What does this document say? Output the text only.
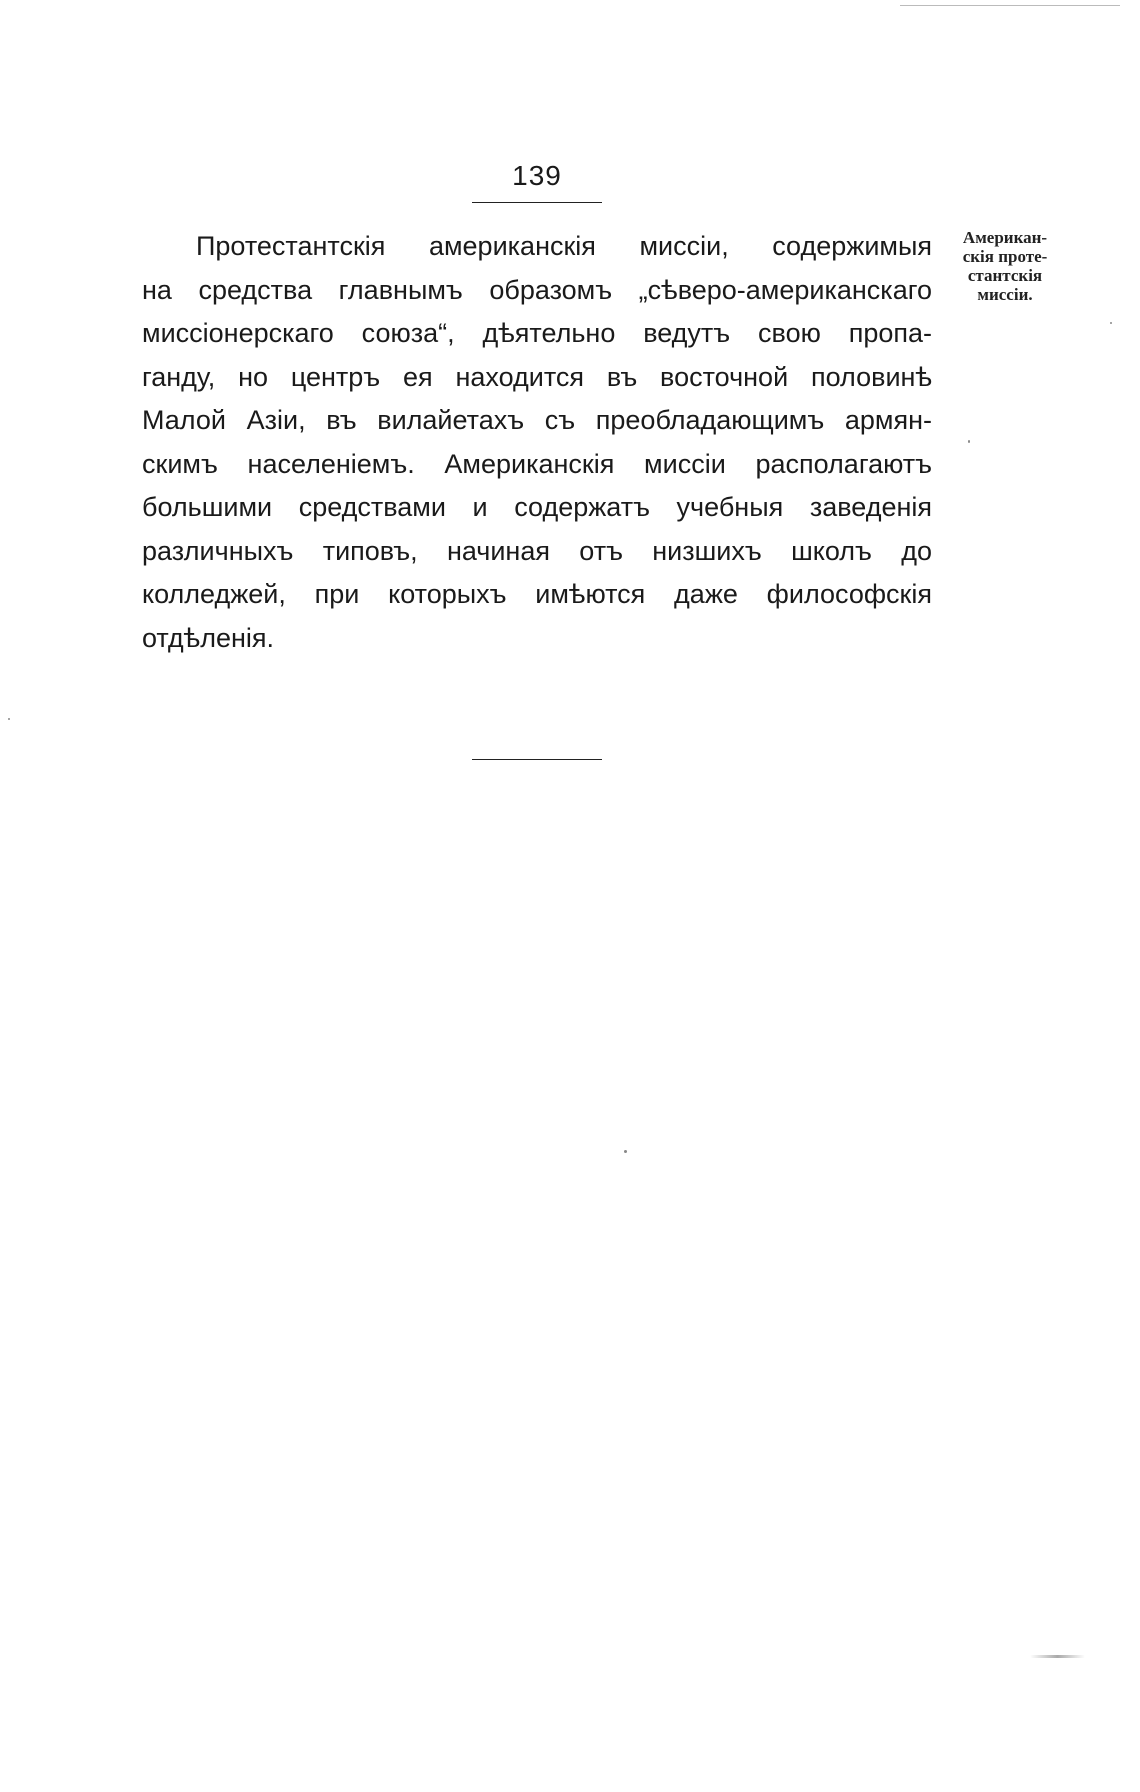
139
Протестантскія американскія миссіи, содержимыя
на средства главнымъ образомъ „сѣверо-американскаго
миссіонерскаго союза“, дѣятельно ведутъ свою пропа-
ганду, но центръ ея находится въ восточной половинѣ
Малой Азіи, въ вилайетахъ съ преобладающимъ армян-
скимъ населеніемъ. Американскія миссіи располагаютъ
большими средствами и содержатъ учебныя заведенія
различныхъ типовъ, начиная отъ низшихъ школъ до
колледжей, при которыхъ имѣются даже философскія
отдѣленія.
Американ-
скія проте-
стантскія
миссіи.
